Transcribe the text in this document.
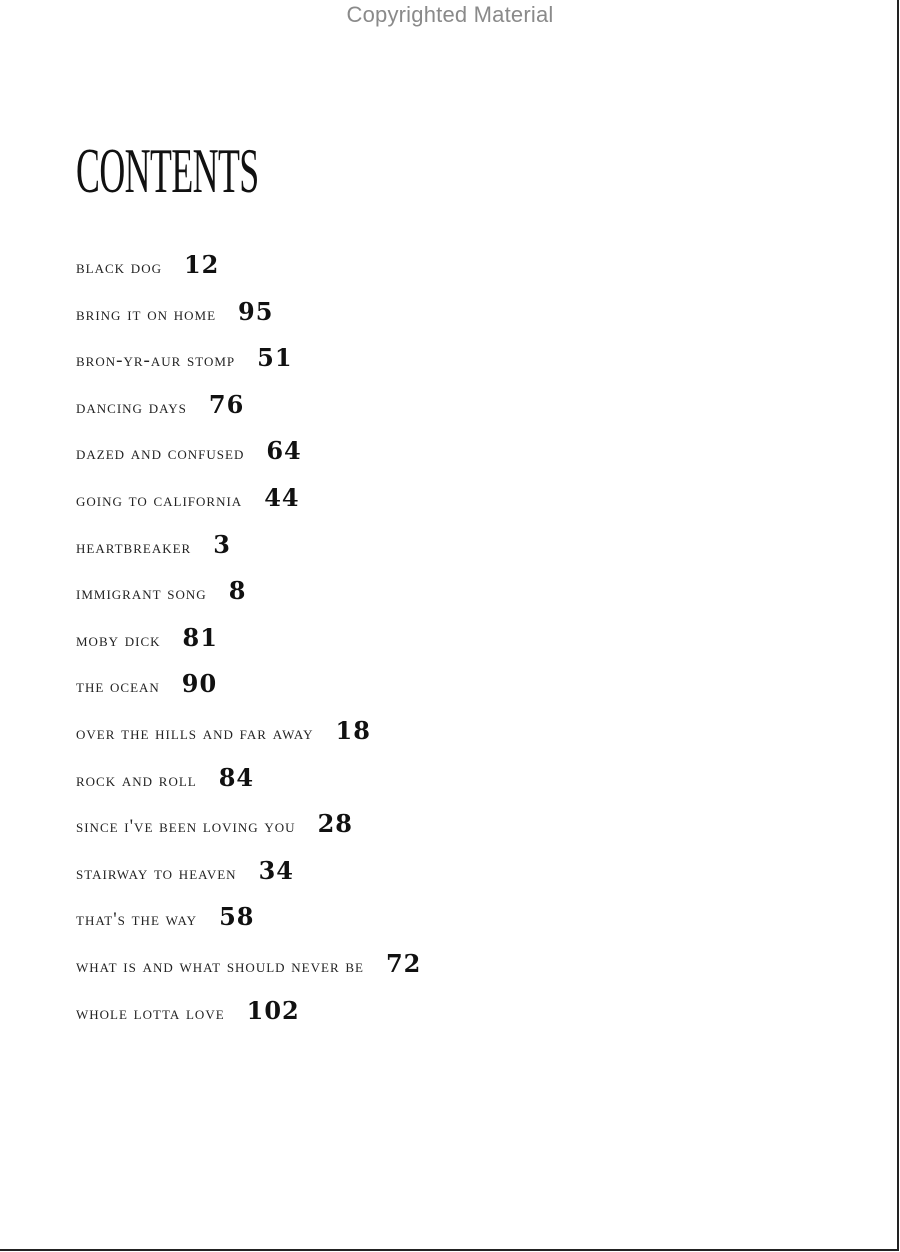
Copyrighted Material
CONTENTS
black dog 12
bring it on home 95
bron-yr-aur stomp 51
dancing days 76
dazed and confused 64
going to california 44
heartbreaker 3
immigrant song 8
moby dick 81
the ocean 90
over the hills and far away 18
rock and roll 84
since i've been loving you 28
stairway to heaven 34
that's the way 58
what is and what should never be 72
whole lotta love 102
